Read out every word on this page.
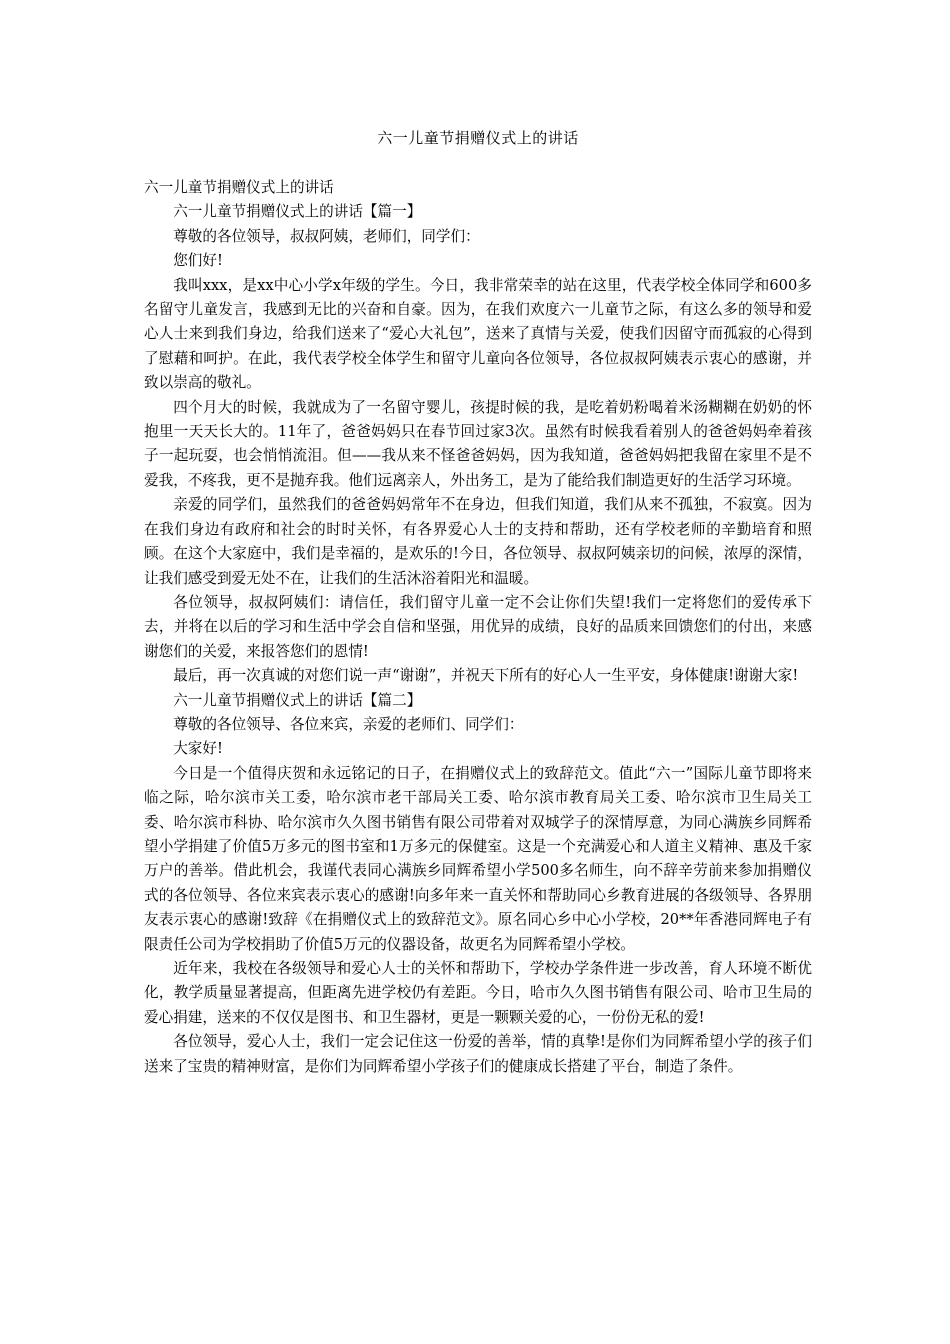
六一儿童节捐赠仪式上的讲话

六一儿童节捐赠仪式上的讲话

六一儿童节捐赠仪式上的讲话【篇一】

尊敬的各位领导，叔叔阿姨，老师们，同学们：

您们好!

我叫xxx，是xx中心小学x年级的学生。今日，我非常荣幸的站在这里，代表学校全体同学和600多名留守儿童发言，我感到无比的兴奋和自豪。因为，在我们欢度六一儿童节之际，有这么多的领导和爱心人士来到我们身边，给我们送来了“爱心大礼包”，送来了真情与关爱，使我们因留守而孤寂的心得到了慰藉和呵护。在此，我代表学校全体学生和留守儿童向各位领导，各位叔叔阿姨表示衷心的感谢，并致以崇高的敬礼。

四个月大的时候，我就成为了一名留守婴儿，孩提时候的我，是吃着奶粉喝着米汤糊糊在奶奶的怀抱里一天天长大的。11年了，爸爸妈妈只在春节回过家3次。虽然有时候我看着别人的爸爸妈妈牵着孩子一起玩耍，也会悄悄流泪。但——我从来不怪爸爸妈妈，因为我知道，爸爸妈妈把我留在家里不是不爱我，不疼我，更不是抛弃我。他们远离亲人，外出务工，是为了能给我们制造更好的生活学习环境。

亲爱的同学们，虽然我们的爸爸妈妈常年不在身边，但我们知道，我们从来不孤独，不寂寞。因为在我们身边有政府和社会的时时关怀，有各界爱心人士的支持和帮助，还有学校老师的辛勤培育和照顾。在这个大家庭中，我们是幸福的，是欢乐的!今日，各位领导、叔叔阿姨亲切的问候，浓厚的深情，让我们感受到爱无处不在，让我们的生活沐浴着阳光和温暖。

各位领导，叔叔阿姨们：请信任，我们留守儿童一定不会让你们失望!我们一定将您们的爱传承下去，并将在以后的学习和生活中学会自信和坚强，用优异的成绩，良好的品质来回馈您们的付出，来感谢您们的关爱，来报答您们的恩情!

最后，再一次真诚的对您们说一声“谢谢”，并祝天下所有的好心人一生平安，身体健康!谢谢大家!

六一儿童节捐赠仪式上的讲话【篇二】

尊敬的各位领导、各位来宾，亲爱的老师们、同学们：

大家好!

今日是一个值得庆贺和永远铭记的日子，在捐赠仪式上的致辞范文。值此“六一”国际儿童节即将来临之际，哈尔滨市关工委，哈尔滨市老干部局关工委、哈尔滨市教育局关工委、哈尔滨市卫生局关工委、哈尔滨市科协、哈尔滨市久久图书销售有限公司带着对双城学子的深情厚意，为同心满族乡同辉希望小学捐建了价值5万多元的图书室和1万多元的保健室。这是一个充满爱心和人道主义精神、惠及千家万户的善举。借此机会，我谨代表同心满族乡同辉希望小学500多名师生，向不辞辛劳前来参加捐赠仪式的各位领导、各位来宾表示衷心的感谢!向多年来一直关怀和帮助同心乡教育进展的各级领导、各界朋友表示衷心的感谢!致辞《在捐赠仪式上的致辞范文》。原名同心乡中心小学校，20**年香港同辉电子有限责任公司为学校捐助了价值5万元的仪器设备，故更名为同辉希望小学校。

近年来，我校在各级领导和爱心人士的关怀和帮助下，学校办学条件进一步改善，育人环境不断优化，教学质量显著提高，但距离先进学校仍有差距。今日，哈市久久图书销售有限公司、哈市卫生局的爱心捐建，送来的不仅仅是图书、和卫生器材，更是一颗颗关爱的心，一份份无私的爱!

各位领导，爱心人士，我们一定会记住这一份爱的善举，情的真挚!是你们为同辉希望小学的孩子们送来了宝贵的精神财富，是你们为同辉希望小学孩子们的健康成长搭建了平台，制造了条件。
